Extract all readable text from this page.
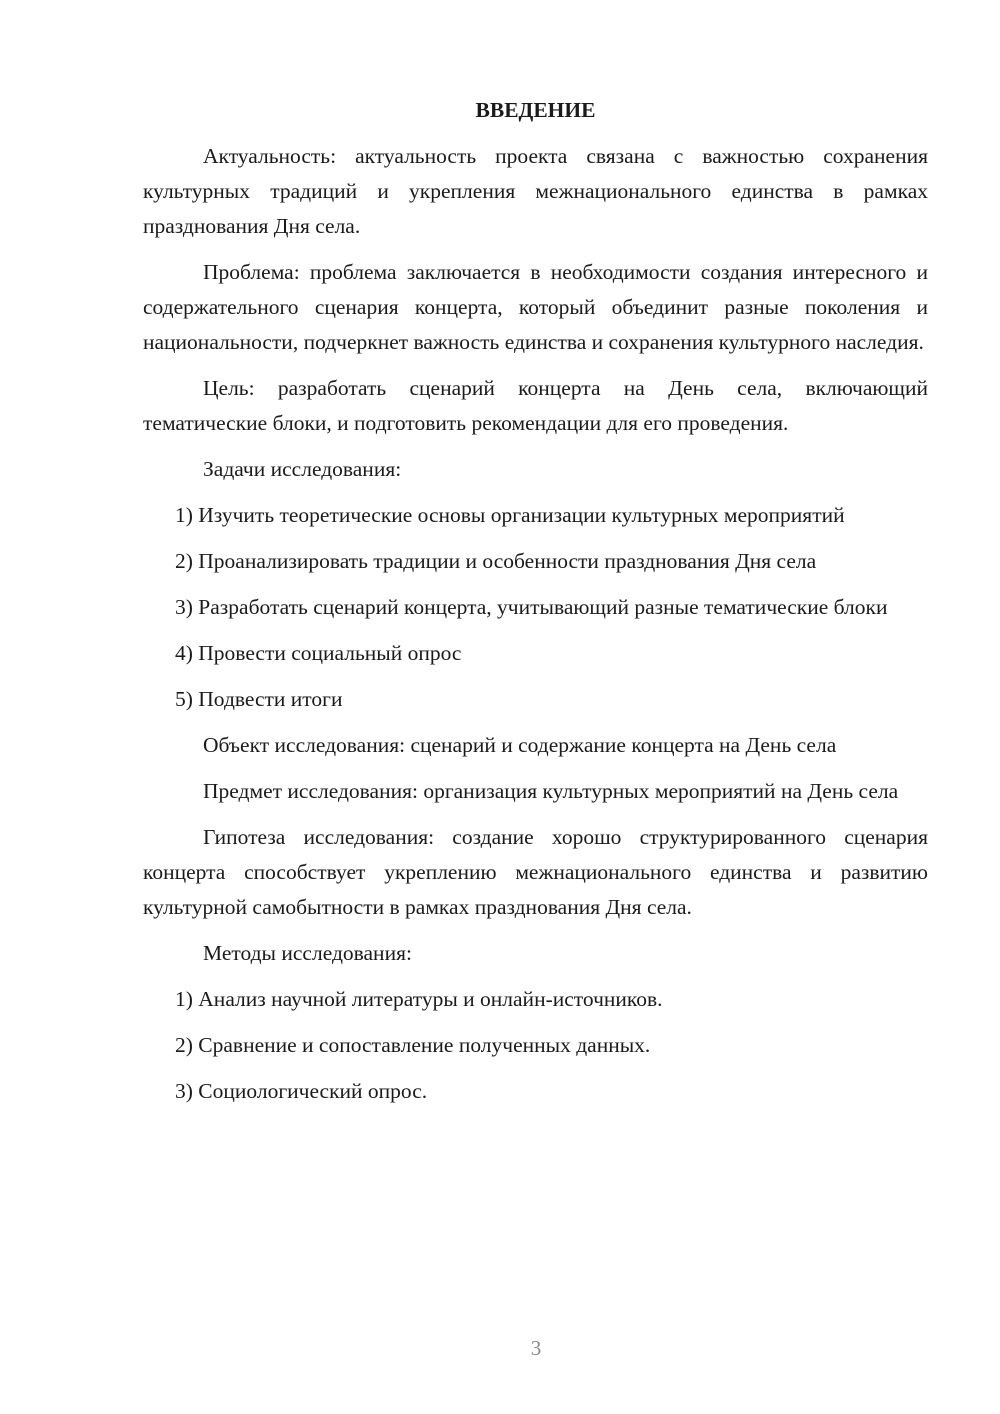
ВВЕДЕНИЕ

Актуальность: актуальность проекта связана с важностью сохранения культурных традиций и укрепления межнационального единства в рамках празднования Дня села.

Проблема: проблема заключается в необходимости создания интересного и содержательного сценария концерта, который объединит разные поколения и национальности, подчеркнет важность единства и сохранения культурного наследия.

Цель: разработать сценарий концерта на День села, включающий тематические блоки, и подготовить рекомендации для его проведения.

Задачи исследования:

1) Изучить теоретические основы организации культурных мероприятий

2) Проанализировать традиции и особенности празднования Дня села

3) Разработать сценарий концерта, учитывающий разные тематические блоки

4) Провести социальный опрос

5) Подвести итоги

Объект исследования: сценарий и содержание концерта на День села

Предмет исследования: организация культурных мероприятий на День села

Гипотеза исследования: создание хорошо структурированного сценария концерта способствует укреплению межнационального единства и развитию культурной самобытности в рамках празднования Дня села.

Методы исследования:

1) Анализ научной литературы и онлайн-источников.

2) Сравнение и сопоставление полученных данных.

3) Социологический опрос.

3
